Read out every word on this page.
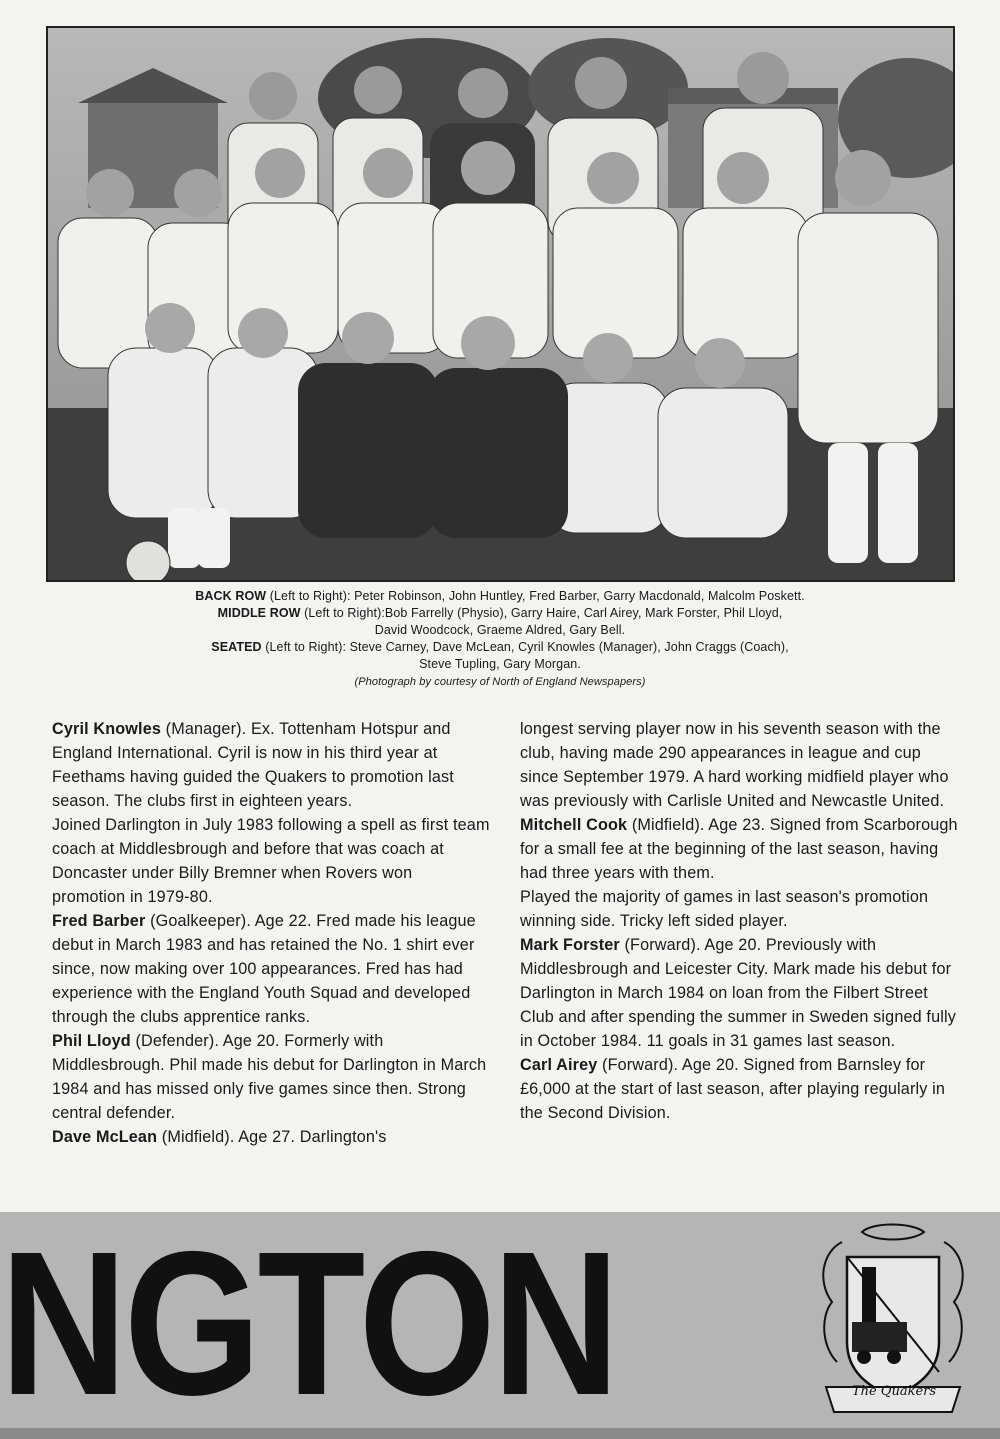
BACK ROW (Left to Right): Peter Robinson, John Huntley, Fred Barber, Garry Macdonald, Malcolm Poskett.

MIDDLE ROW (Left to Right):Bob Farrelly (Physio), Garry Haire, Carl Airey, Mark Forster, Phil Lloyd,

David Woodcock, Graeme Aldred, Gary Bell.

SEATED (Left to Right): Steve Carney, Dave McLean, Cyril Knowles (Manager), John Craggs (Coach),

Steve Tupling, Gary Morgan.

(Photograph by courtesy of North of England Newspapers)

Cyril Knowles (Manager). Ex. Tottenham Hotspur and England International. Cyril is now in his third year at Feethams having guided the Quakers to promotion last season. The clubs first in eighteen years.

Joined Darlington in July 1983 following a spell as first team coach at Middlesbrough and before that was coach at Doncaster under Billy Bremner when Rovers won promotion in 1979-80.

Fred Barber (Goalkeeper). Age 22. Fred made his league debut in March 1983 and has retained the No. 1 shirt ever since, now making over 100 appearances. Fred has had experience with the England Youth Squad and developed through the clubs apprentice ranks.

Phil Lloyd (Defender). Age 20. Formerly with Middlesbrough. Phil made his debut for Darlington in March 1984 and has missed only five games since then. Strong central defender.

Dave McLean (Midfield). Age 27. Darlington's

longest serving player now in his seventh season with the club, having made 290 appearances in league and cup since September 1979. A hard working midfield player who was previously with Carlisle United and Newcastle United.

Mitchell Cook (Midfield). Age 23. Signed from Scarborough for a small fee at the beginning of the last season, having had three years with them.

Played the majority of games in last season's promotion winning side. Tricky left sided player.

Mark Forster (Forward). Age 20. Previously with Middlesbrough and Leicester City. Mark made his debut for Darlington in March 1984 on loan from the Filbert Street Club and after spending the summer in Sweden signed fully in October 1984. 11 goals in 31 games last season.

Carl Airey (Forward). Age 20. Signed from Barnsley for £6,000 at the start of last season, after playing regularly in the Second Division.

NGTON	The Quakers
